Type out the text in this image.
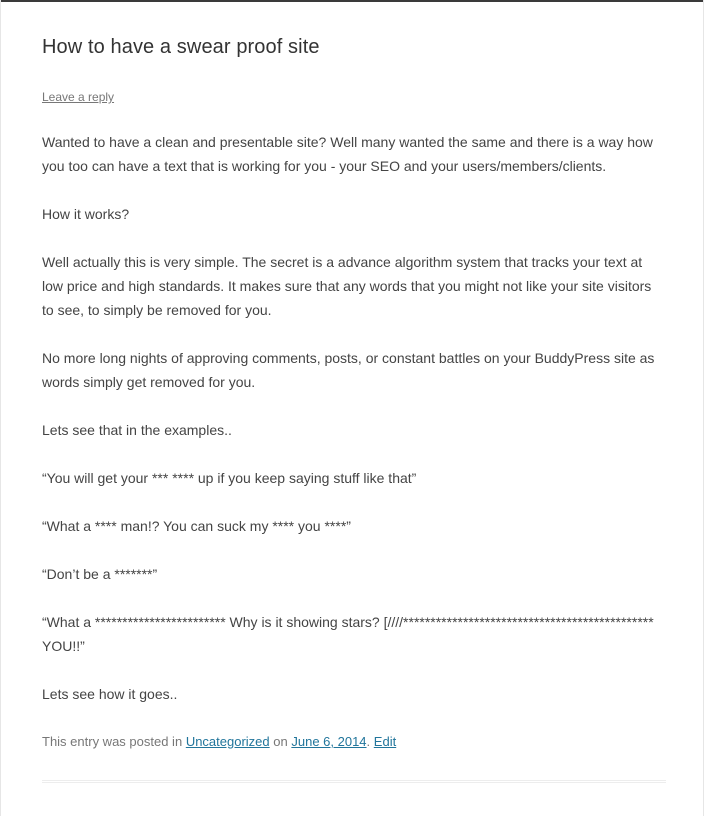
How to have a swear proof site
Leave a reply

Wanted to have a clean and presentable site? Well many wanted the same and there is a way how you too can have a text that is working for you - your SEO and your users/members/clients.

How it works?

Well actually this is very simple. The secret is a advance algorithm system that tracks your text at low price and high standards. It makes sure that any words that you might not like your site visitors to see, to simply be removed for you.

No more long nights of approving comments, posts, or constant battles on your BuddyPress site as words simply get removed for you.

Lets see that in the examples..

“You will get your *** **** up if you keep saying stuff like that”

“What a **** man!? You can suck my **** you ****”

“Don’t be a *******”

“What a ************************ Why is it showing stars? [////********************************************** YOU!!”

Lets see how it goes..

This entry was posted in Uncategorized on June 6, 2014. Edit
